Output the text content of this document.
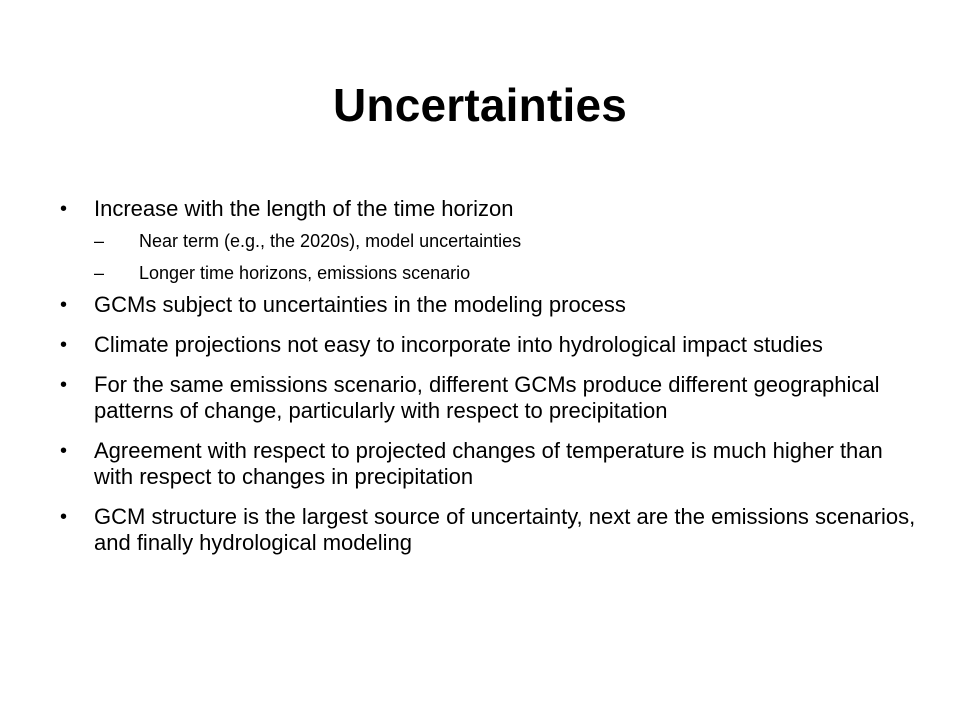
Uncertainties
• Increase with the length of the time horizon
– Near term (e.g., the 2020s), model uncertainties
– Longer time horizons, emissions scenario
• GCMs subject to uncertainties in the modeling process
• Climate projections not easy to incorporate into hydrological impact studies
• For the same emissions scenario, different GCMs produce different geographical patterns of change, particularly with respect to precipitation
• Agreement with respect to projected changes of temperature is much higher than with respect to changes in precipitation
• GCM structure is the largest source of uncertainty, next are the emissions scenarios, and finally hydrological modeling
